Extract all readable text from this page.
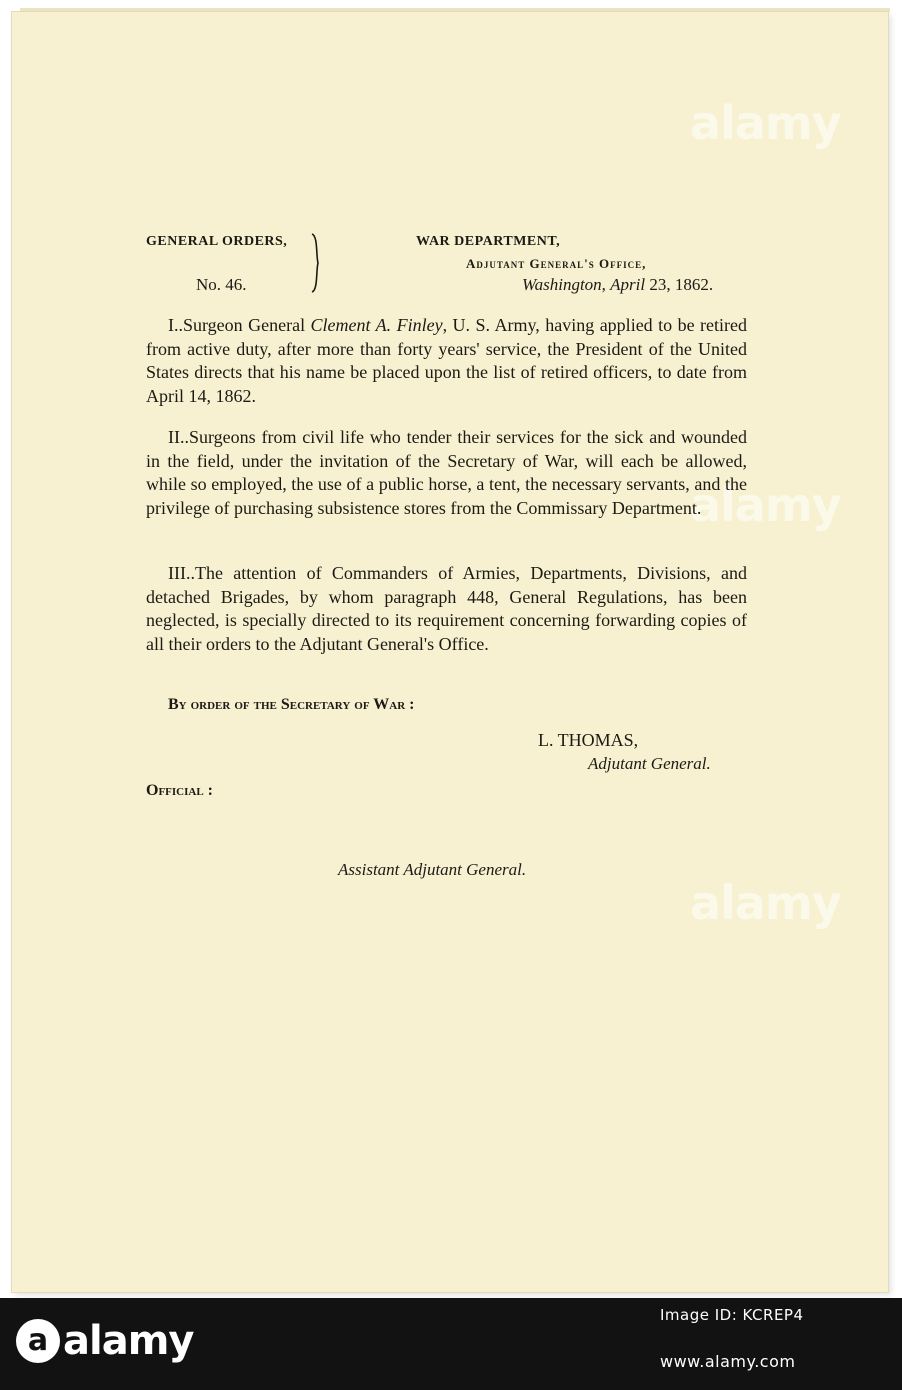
alamy
alamy
alamy
GENERAL ORDERS,
No. 46.
WAR DEPARTMENT,
Adjutant General's Office,
Washington, April 23, 1862.
I..Surgeon General Clement A. Finley, U. S. Army, having applied to be retired from active duty, after more than forty years' service, the President of the United States directs that his name be placed upon the list of retired officers, to date from April 14, 1862.
II..Surgeons from civil life who tender their services for the sick and wounded in the field, under the invitation of the Secretary of War, will each be allowed, while so employed, the use of a public horse, a tent, the necessary servants, and the privilege of purchasing subsistence stores from the Commissary Department.
III..The attention of Commanders of Armies, Departments, Divisions, and detached Brigades, by whom paragraph 448, General Regulations, has been neglected, is specially directed to its requirement concerning forwarding copies of all their orders to the Adjutant General's Office.
By order of the Secretary of War :
L. THOMAS,
Adjutant General.
Official :
Assistant Adjutant General.
a alamy
Image ID: KCREP4
www.alamy.com
